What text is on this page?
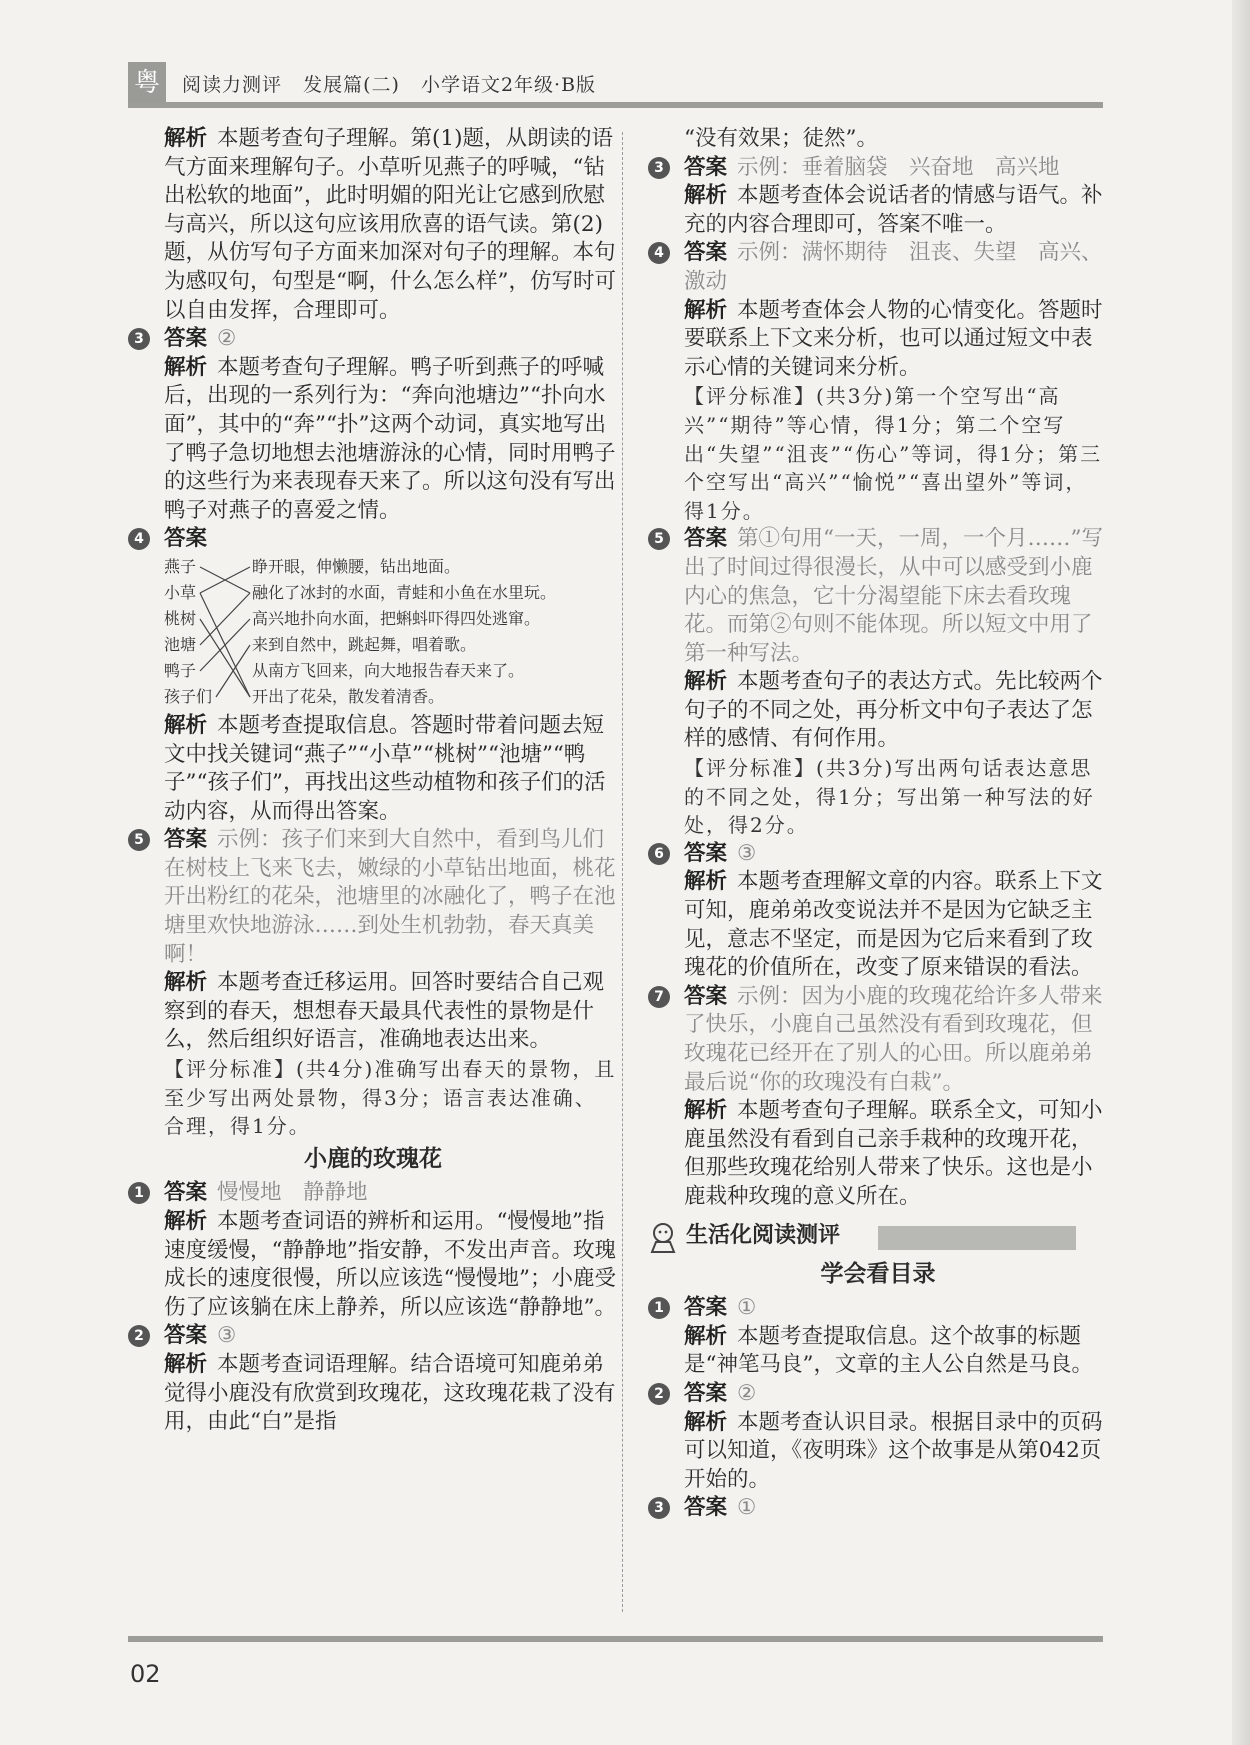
粤	阅读力测评 发展篇(二) 小学语文2年级·B版
解析 本题考查句子理解。第(1)题，从朗读的语气方面来理解句子。小草听见燕子的呼喊，“钻出松软的地面”，此时明媚的阳光让它感到欣慰与高兴，所以这句应该用欣喜的语气读。第(2)题，从仿写句子方面来加深对句子的理解。本句为感叹句，句型是“啊，什么怎么样”，仿写时可以自由发挥，合理即可。
3 答案 ②
解析 本题考查句子理解。鸭子听到燕子的呼喊后，出现的一系列行为：“奔向池塘边”“扑向水面”，其中的“奔”“扑”这两个动词，真实地写出了鸭子急切地想去池塘游泳的心情，同时用鸭子的这些行为来表现春天来了。所以这句没有写出鸭子对燕子的喜爱之情。
4 答案
燕子
小草
桃树
池塘
鸭子
孩子们
睁开眼，伸懒腰，钻出地面。
融化了冰封的水面，青蛙和小鱼在水里玩。
高兴地扑向水面，把蝌蚪吓得四处逃窜。
来到自然中，跳起舞，唱着歌。
从南方飞回来，向大地报告春天来了。
开出了花朵，散发着清香。
解析 本题考查提取信息。答题时带着问题去短文中找关键词“燕子”“小草”“桃树”“池塘”“鸭子”“孩子们”，再找出这些动植物和孩子们的活动内容，从而得出答案。
5 答案 示例：孩子们来到大自然中，看到鸟儿们在树枝上飞来飞去，嫩绿的小草钻出地面，桃花开出粉红的花朵，池塘里的冰融化了，鸭子在池塘里欢快地游泳……到处生机勃勃，春天真美啊！
解析 本题考查迁移运用。回答时要结合自己观察到的春天，想想春天最具代表性的景物是什么，然后组织好语言，准确地表达出来。
【评分标准】(共4分)准确写出春天的景物，且至少写出两处景物，得3分；语言表达准确、合理，得1分。
小鹿的玫瑰花
1 答案 慢慢地　静静地
解析 本题考查词语的辨析和运用。“慢慢地”指速度缓慢，“静静地”指安静，不发出声音。玫瑰成长的速度很慢，所以应该选“慢慢地”；小鹿受伤了应该躺在床上静养，所以应该选“静静地”。
2 答案 ③
解析 本题考查词语理解。结合语境可知鹿弟弟觉得小鹿没有欣赏到玫瑰花，这玫瑰花栽了没有用，由此“白”是指
“没有效果；徒然”。
3 答案 示例：垂着脑袋　兴奋地　高兴地
解析 本题考查体会说话者的情感与语气。补充的内容合理即可，答案不唯一。
4 答案 示例：满怀期待　沮丧、失望　高兴、激动
解析 本题考查体会人物的心情变化。答题时要联系上下文来分析，也可以通过短文中表示心情的关键词来分析。
【评分标准】(共3分)第一个空写出“高兴”“期待”等心情，得1分；第二个空写出“失望”“沮丧”“伤心”等词，得1分；第三个空写出“高兴”“愉悦”“喜出望外”等词，得1分。
5 答案 第①句用“一天，一周，一个月……”写出了时间过得很漫长，从中可以感受到小鹿内心的焦急，它十分渴望能下床去看玫瑰花。而第②句则不能体现。所以短文中用了第一种写法。
解析 本题考查句子的表达方式。先比较两个句子的不同之处，再分析文中句子表达了怎样的感情、有何作用。
【评分标准】(共3分)写出两句话表达意思的不同之处，得1分；写出第一种写法的好处，得2分。
6 答案 ③
解析 本题考查理解文章的内容。联系上下文可知，鹿弟弟改变说法并不是因为它缺乏主见，意志不坚定，而是因为它后来看到了玫瑰花的价值所在，改变了原来错误的看法。
7 答案 示例：因为小鹿的玫瑰花给许多人带来了快乐，小鹿自己虽然没有看到玫瑰花，但玫瑰花已经开在了别人的心田。所以鹿弟弟最后说“你的玫瑰没有白栽”。
解析 本题考查句子理解。联系全文，可知小鹿虽然没有看到自己亲手栽种的玫瑰开花，但那些玫瑰花给别人带来了快乐。这也是小鹿栽种玫瑰的意义所在。
生活化阅读测评
学会看目录
1 答案 ①
解析 本题考查提取信息。这个故事的标题是“神笔马良”，文章的主人公自然是马良。
2 答案 ②
解析 本题考查认识目录。根据目录中的页码可以知道，《夜明珠》这个故事是从第042页开始的。
3 答案 ①
02
